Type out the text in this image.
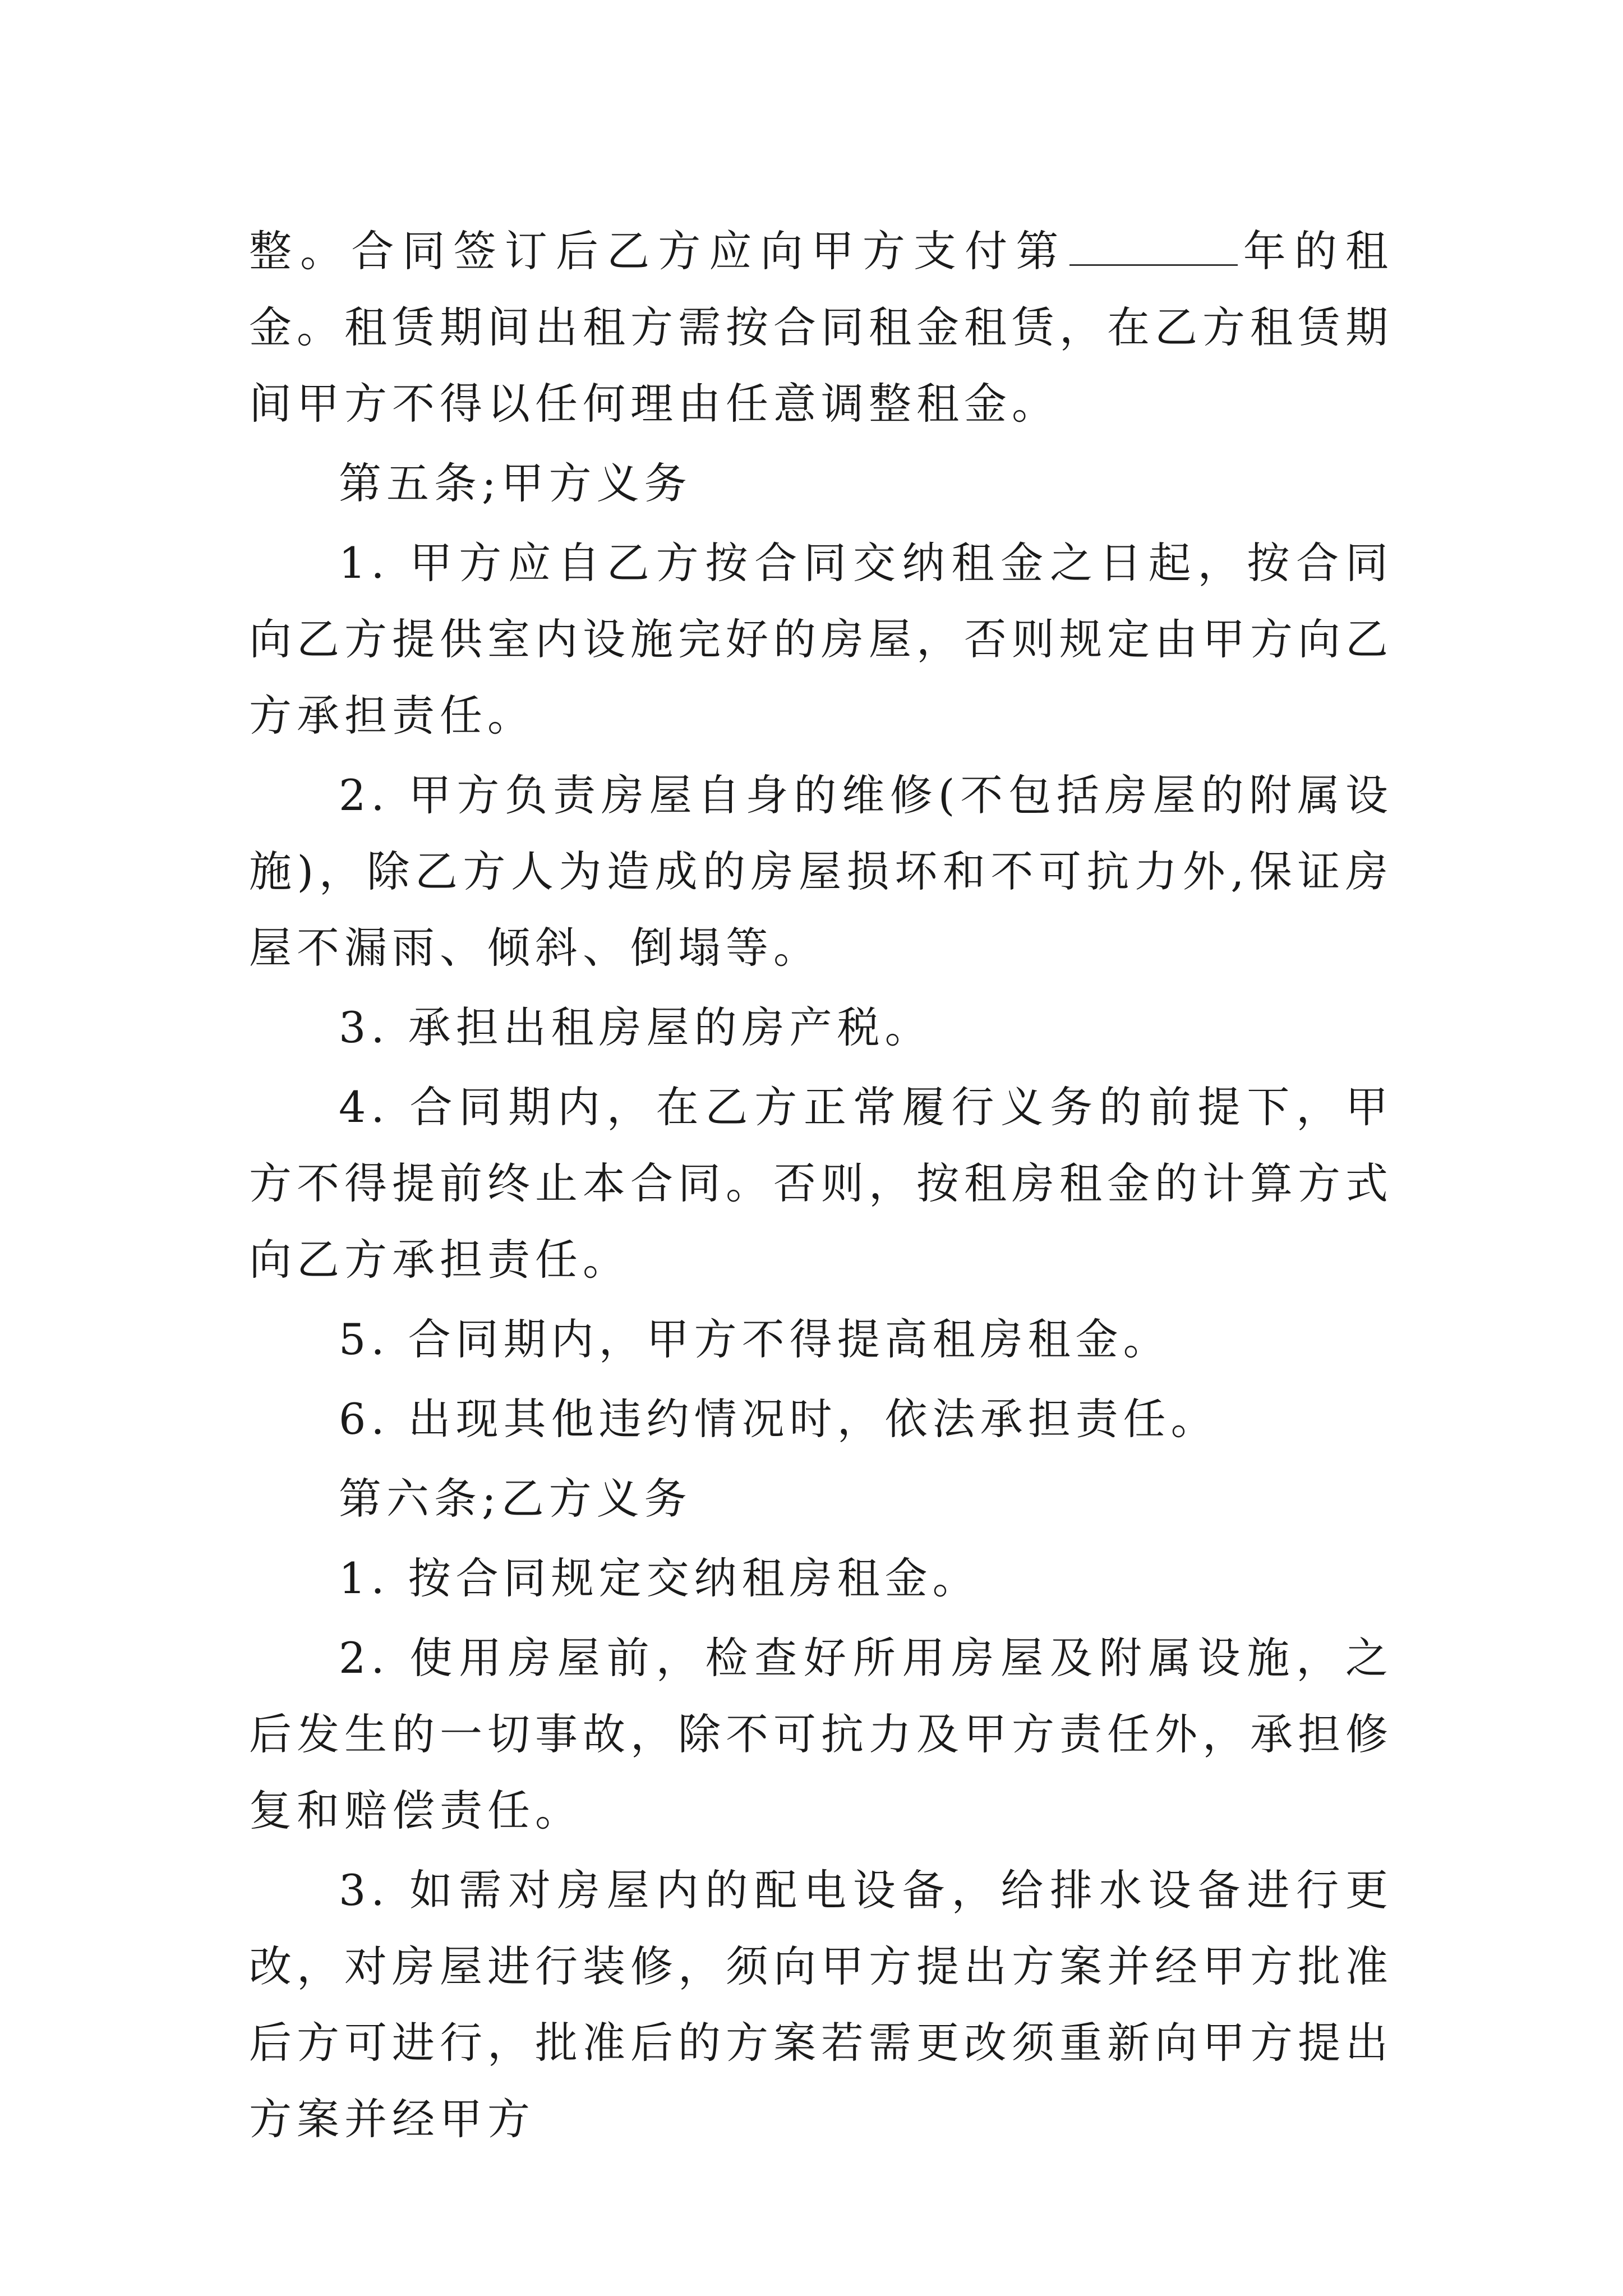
整。合同签订后乙方应向甲方支付第	年的租金。租赁期间出租方需按合同租金租赁，在乙方租赁期间甲方不得以任何理由任意调整租金。

第五条;甲方义务

1. 甲方应自乙方按合同交纳租金之日起，按合同向乙方提供室内设施完好的房屋，否则规定由甲方向乙方承担责任。

2. 甲方负责房屋自身的维修(不包括房屋的附属设施)，除乙方人为造成的房屋损坏和不可抗力外,保证房屋不漏雨、倾斜、倒塌等。

3. 承担出租房屋的房产税。

4. 合同期内，在乙方正常履行义务的前提下，甲方不得提前终止本合同。否则，按租房租金的计算方式向乙方承担责任。

5. 合同期内，甲方不得提高租房租金。

6. 出现其他违约情况时，依法承担责任。

第六条;乙方义务

1. 按合同规定交纳租房租金。

2. 使用房屋前，检查好所用房屋及附属设施，之后发生的一切事故，除不可抗力及甲方责任外，承担修复和赔偿责任。

3. 如需对房屋内的配电设备，给排水设备进行更改，对房屋进行装修，须向甲方提出方案并经甲方批准后方可进行，批准后的方案若需更改须重新向甲方提出方案并经甲方
